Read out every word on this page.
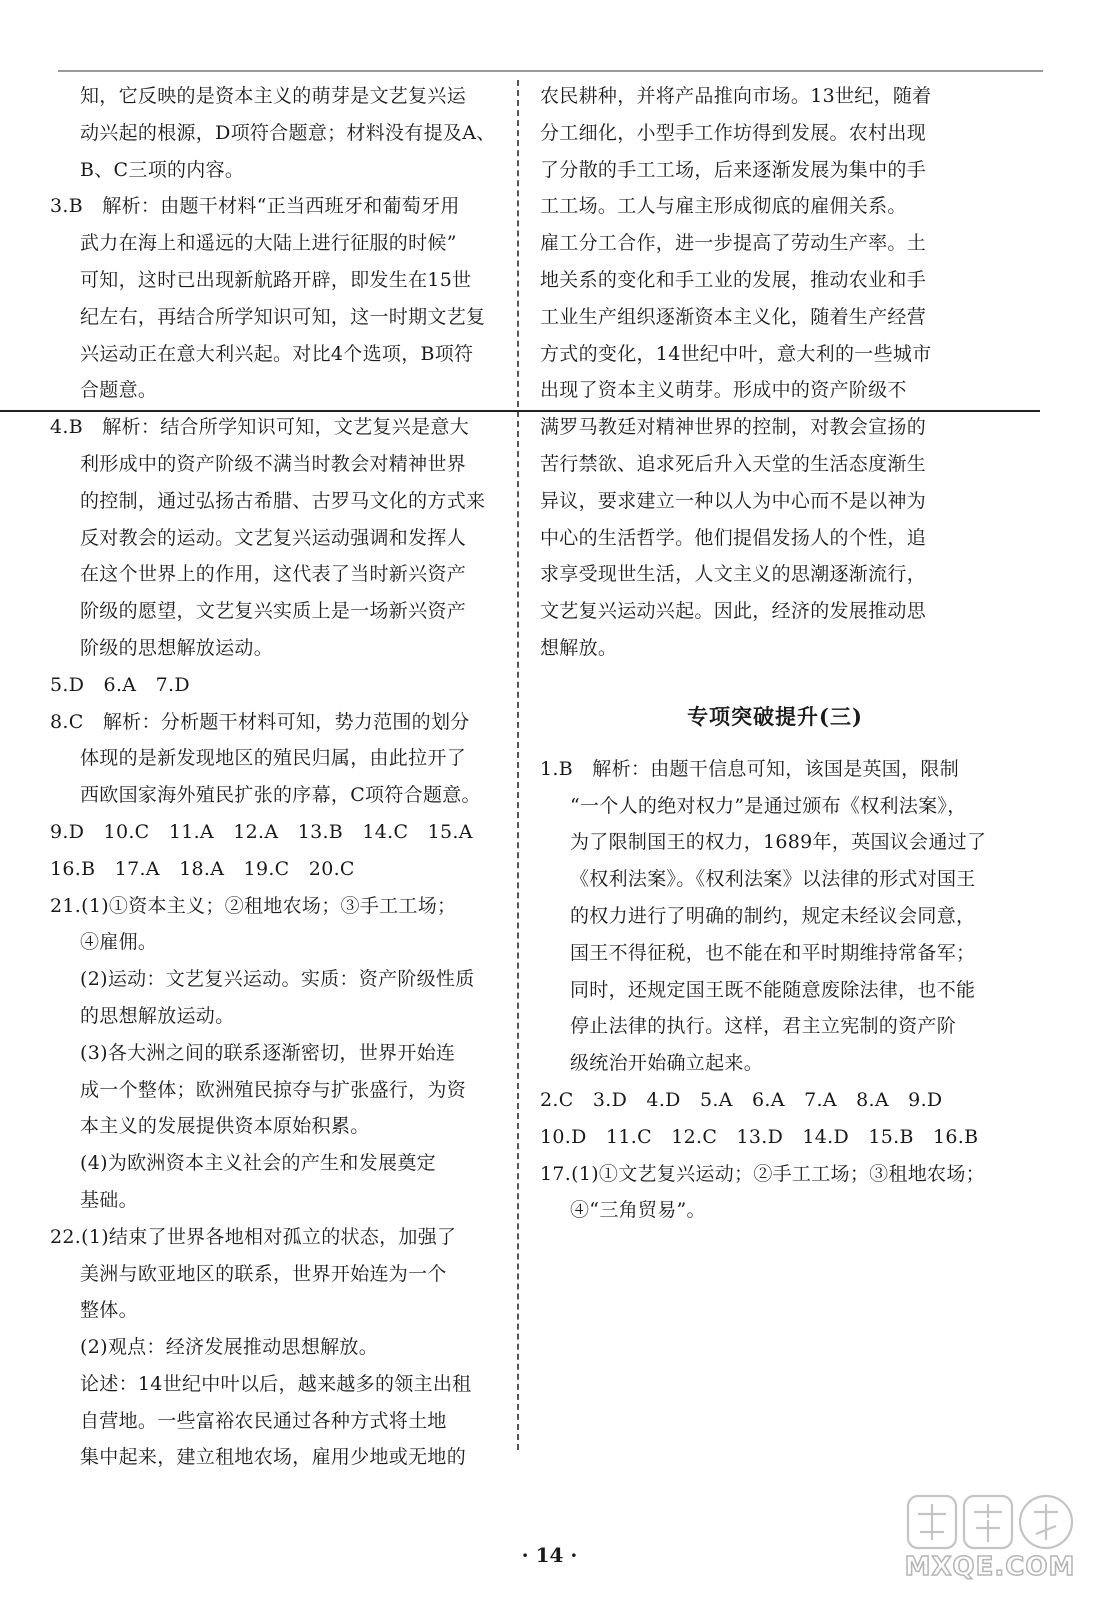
知，它反映的是资本主义的萌芽是文艺复兴运
动兴起的根源，D项符合题意；材料没有提及A、
B、C三项的内容。
3.B　解析：由题干材料“正当西班牙和葡萄牙用
武力在海上和遥远的大陆上进行征服的时候”
可知，这时已出现新航路开辟，即发生在15世
纪左右，再结合所学知识可知，这一时期文艺复
兴运动正在意大利兴起。对比4个选项，B项符
合题意。
4.B　解析：结合所学知识可知，文艺复兴是意大
利形成中的资产阶级不满当时教会对精神世界
的控制，通过弘扬古希腊、古罗马文化的方式来
反对教会的运动。文艺复兴运动强调和发挥人
在这个世界上的作用，这代表了当时新兴资产
阶级的愿望，文艺复兴实质上是一场新兴资产
阶级的思想解放运动。
5.D　6.A　7.D
8.C　解析：分析题干材料可知，势力范围的划分
体现的是新发现地区的殖民归属，由此拉开了
西欧国家海外殖民扩张的序幕，C项符合题意。
9.D　10.C　11.A　12.A　13.B　14.C　15.A
16.B　17.A　18.A　19.C　20.C
21.(1)①资本主义；②租地农场；③手工工场；
④雇佣。
(2)运动：文艺复兴运动。实质：资产阶级性质
的思想解放运动。
(3)各大洲之间的联系逐渐密切，世界开始连
成一个整体；欧洲殖民掠夺与扩张盛行，为资
本主义的发展提供资本原始积累。
(4)为欧洲资本主义社会的产生和发展奠定
基础。
22.(1)结束了世界各地相对孤立的状态，加强了
美洲与欧亚地区的联系，世界开始连为一个
整体。
(2)观点：经济发展推动思想解放。
论述：14世纪中叶以后，越来越多的领主出租
自营地。一些富裕农民通过各种方式将土地
集中起来，建立租地农场，雇用少地或无地的
农民耕种，并将产品推向市场。13世纪，随着
分工细化，小型手工作坊得到发展。农村出现
了分散的手工工场，后来逐渐发展为集中的手
工工场。工人与雇主形成彻底的雇佣关系。
雇工分工合作，进一步提高了劳动生产率。土
地关系的变化和手工业的发展，推动农业和手
工业生产组织逐渐资本主义化，随着生产经营
方式的变化，14世纪中叶，意大利的一些城市
出现了资本主义萌芽。形成中的资产阶级不
满罗马教廷对精神世界的控制，对教会宣扬的
苦行禁欲、追求死后升入天堂的生活态度渐生
异议，要求建立一种以人为中心而不是以神为
中心的生活哲学。他们提倡发扬人的个性，追
求享受现世生活，人文主义的思潮逐渐流行，
文艺复兴运动兴起。因此，经济的发展推动思
想解放。
专项突破提升(三)
1.B　解析：由题干信息可知，该国是英国，限制
“一个人的绝对权力”是通过颁布《权利法案》，
为了限制国王的权力，1689年，英国议会通过了
《权利法案》。《权利法案》以法律的形式对国王
的权力进行了明确的制约，规定未经议会同意，
国王不得征税，也不能在和平时期维持常备军；
同时，还规定国王既不能随意废除法律，也不能
停止法律的执行。这样，君主立宪制的资产阶
级统治开始确立起来。
2.C　3.D　4.D　5.A　6.A　7.A　8.A　9.D
10.D　11.C　12.C　13.D　14.D　15.B　16.B
17.(1)①文艺复兴运动；②手工工场；③租地农场；
④“三角贸易”。
· 14 ·	MXQE.COM
